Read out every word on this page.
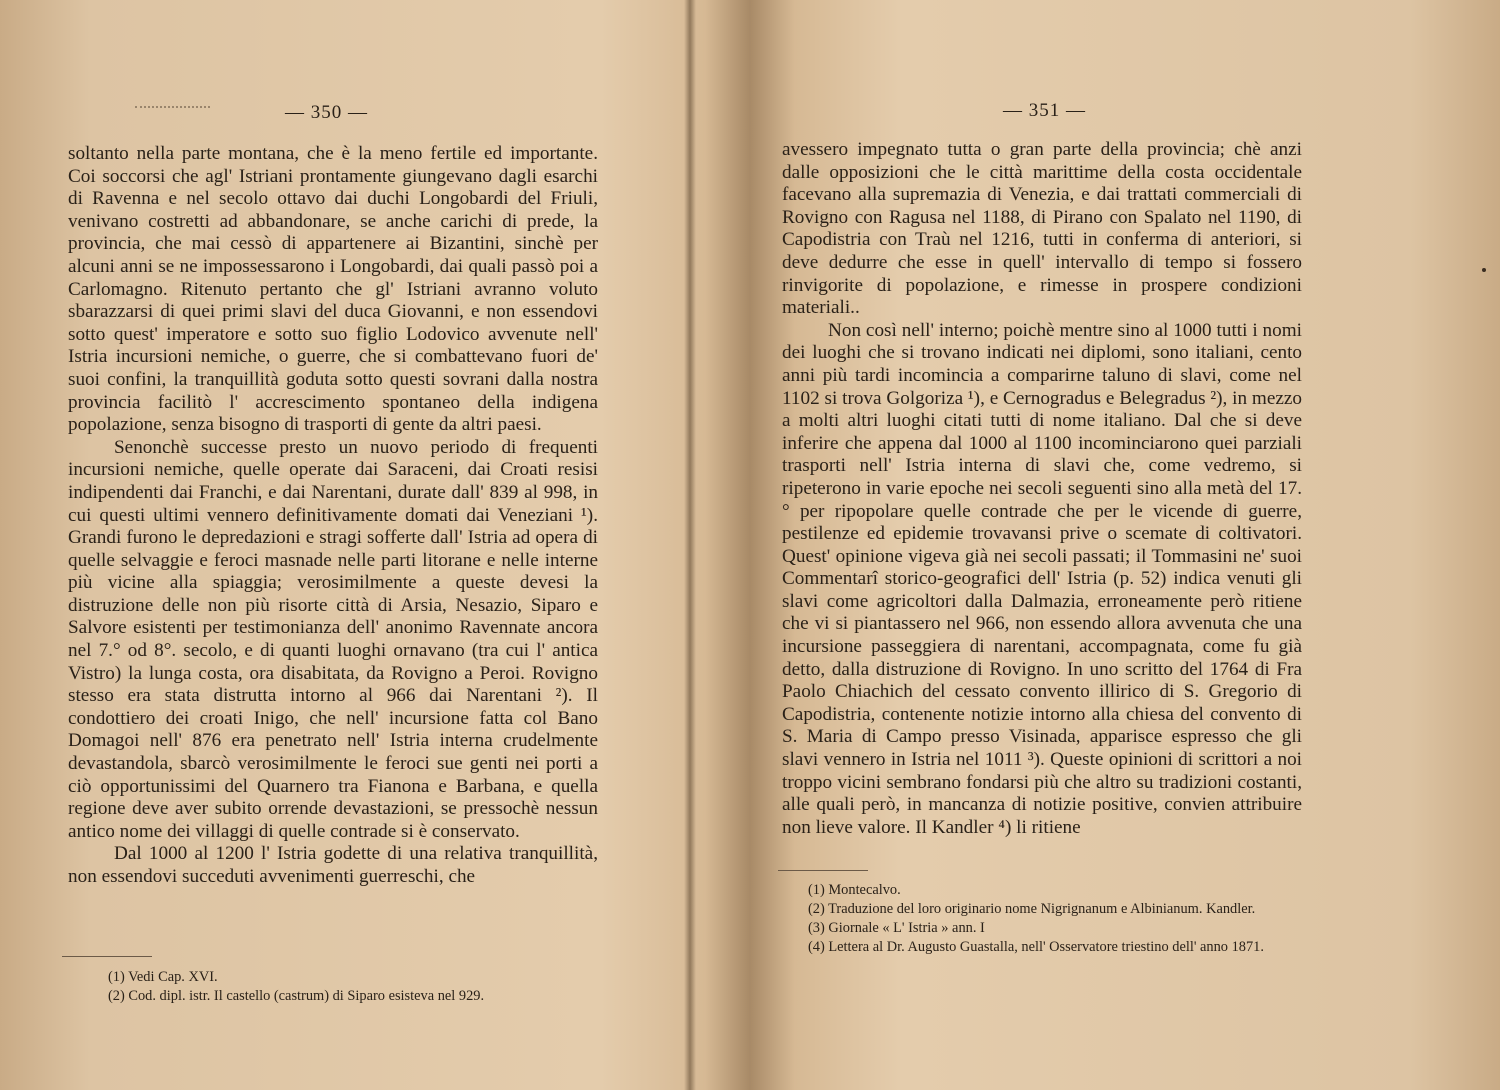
— 350 —

soltanto nella parte montana, che è la meno fertile ed importante. Coi soccorsi che agl' Istriani prontamente giungevano dagli esarchi di Ravenna e nel secolo ottavo dai duchi Longobardi del Friuli, venivano costretti ad abbandonare, se anche carichi di prede, la provincia, che mai cessò di appartenere ai Bizantini, sinchè per alcuni anni se ne impossessarono i Longobardi, dai quali passò poi a Carlomagno. Ritenuto pertanto che gl' Istriani avranno voluto sbarazzarsi di quei primi slavi del duca Giovanni, e non essendovi sotto quest' imperatore e sotto suo figlio Lodovico avvenute nell' Istria incursioni nemiche, o guerre, che si combattevano fuori de' suoi confini, la tranquillità goduta sotto questi sovrani dalla nostra provincia facilitò l' accrescimento spontaneo della indigena popolazione, senza bisogno di trasporti di gente da altri paesi.

Senonchè successe presto un nuovo periodo di frequenti incursioni nemiche, quelle operate dai Saraceni, dai Croati resisi indipendenti dai Franchi, e dai Narentani, durate dall' 839 al 998, in cui questi ultimi vennero definitivamente domati dai Veneziani ¹). Grandi furono le depredazioni e stragi sofferte dall' Istria ad opera di quelle selvaggie e feroci masnade nelle parti litorane e nelle interne più vicine alla spiaggia; verosimilmente a queste devesi la distruzione delle non più risorte città di Arsia, Nesazio, Siparo e Salvore esistenti per testimonianza dell' anonimo Ravennate ancora nel 7.° od 8°. secolo, e di quanti luoghi ornavano (tra cui l' antica Vistro) la lunga costa, ora disabitata, da Rovigno a Peroi. Rovigno stesso era stata distrutta intorno al 966 dai Narentani ²). Il condottiero dei croati Inigo, che nell' incursione fatta col Bano Domagoi nell' 876 era penetrato nell' Istria interna crudelmente devastandola, sbarcò verosimilmente le feroci sue genti nei porti a ciò opportunissimi del Quarnero tra Fianona e Barbana, e quella regione deve aver subito orrende devastazioni, se pressochè nessun antico nome dei villaggi di quelle contrade si è conservato.

Dal 1000 al 1200 l' Istria godette di una relativa tranquillità, non essendovi succeduti avvenimenti guerreschi, che

(1) Vedi Cap. XVI.

(2) Cod. dipl. istr. Il castello (castrum) di Siparo esisteva nel 929.

— 351 —

avessero impegnato tutta o gran parte della provincia; chè anzi dalle opposizioni che le città marittime della costa occidentale facevano alla supremazia di Venezia, e dai trattati commerciali di Rovigno con Ragusa nel 1188, di Pirano con Spalato nel 1190, di Capodistria con Traù nel 1216, tutti in conferma di anteriori, si deve dedurre che esse in quell' intervallo di tempo si fossero rinvigorite di popolazione, e rimesse in prospere condizioni materiali..

Non così nell' interno; poichè mentre sino al 1000 tutti i nomi dei luoghi che si trovano indicati nei diplomi, sono italiani, cento anni più tardi incomincia a comparirne taluno di slavi, come nel 1102 si trova Golgoriza ¹), e Cernogradus e Belegradus ²), in mezzo a molti altri luoghi citati tutti di nome italiano. Dal che si deve inferire che appena dal 1000 al 1100 incominciarono quei parziali trasporti nell' Istria interna di slavi che, come vedremo, si ripeterono in varie epoche nei secoli seguenti sino alla metà del 17.° per ripopolare quelle contrade che per le vicende di guerre, pestilenze ed epidemie trovavansi prive o scemate di coltivatori. Quest' opinione vigeva già nei secoli passati; il Tommasini ne' suoi Commentarî storico-geografici dell' Istria (p. 52) indica venuti gli slavi come agricoltori dalla Dalmazia, erroneamente però ritiene che vi si piantassero nel 966, non essendo allora avvenuta che una incursione passeggiera di narentani, accompagnata, come fu già detto, dalla distruzione di Rovigno. In uno scritto del 1764 di Fra Paolo Chiachich del cessato convento illirico di S. Gregorio di Capodistria, contenente notizie intorno alla chiesa del convento di S. Maria di Campo presso Visinada, apparisce espresso che gli slavi vennero in Istria nel 1011 ³). Queste opinioni di scrittori a noi troppo vicini sembrano fondarsi più che altro su tradizioni costanti, alle quali però, in mancanza di notizie positive, convien attribuire non lieve valore. Il Kandler ⁴) li ritiene

(1) Montecalvo.

(2) Traduzione del loro originario nome Nigrignanum e Albinianum. Kandler.

(3) Giornale « L' Istria » ann. I

(4) Lettera al Dr. Augusto Guastalla, nell' Osservatore triestino dell' anno 1871.
